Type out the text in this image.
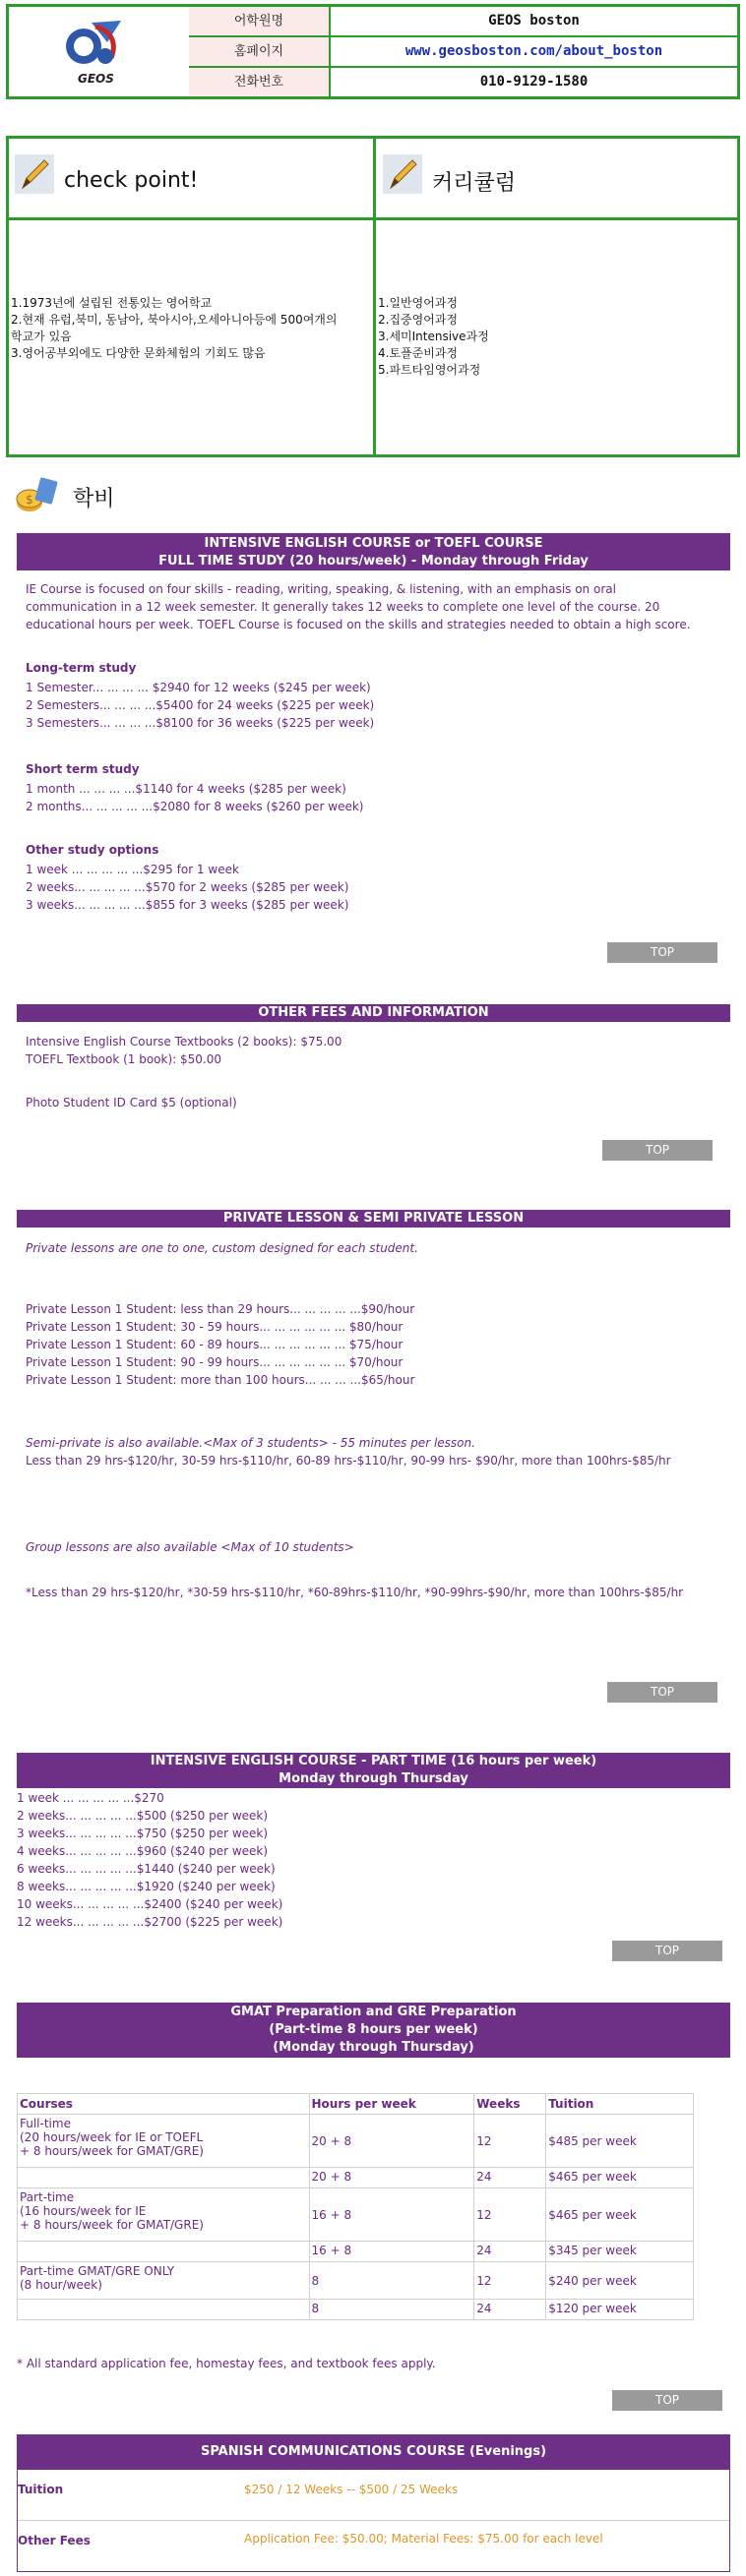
GEOS
어학원명	GEOS boston
홈페이지	www.geosboston.com/about_boston
전화번호	010-9129-1580
check point!	커리큘럼
1.1973년에 설립된 전통있는 영어학교
2.현재 유럽,북미, 동남아, 북아시아,오세아니아등에 500여개의
학교가 있음
3.영어공부외에도 다양한 문화체험의 기회도 많음
1.일반영어과정
2.집중영어과정
3.세미Intensive과정
4.토플준비과정
5.파트타임영어과정
$ 학비
INTENSIVE ENGLISH COURSE or TOEFL COURSE
FULL TIME STUDY (20 hours/week) - Monday through Friday
IE Course is focused on four skills - reading, writing, speaking, & listening, with an emphasis on oral
communication in a 12 week semester. It generally takes 12 weeks to complete one level of the course. 20
educational hours per week. TOEFL Course is focused on the skills and strategies needed to obtain a high score.
Long-term study
1 Semester... ... ... ... $2940 for 12 weeks ($245 per week)
2 Semesters... ... ... ...$5400 for 24 weeks ($225 per week)
3 Semesters... ... ... ...$8100 for 36 weeks ($225 per week)
Short term study
1 month ... ... ... ...$1140 for 4 weeks ($285 per week)
2 months... ... ... ... ...$2080 for 8 weeks ($260 per week)
Other study options
1 week ... ... ... ... ...$295 for 1 week
2 weeks... ... ... ... ...$570 for 2 weeks ($285 per week)
3 weeks... ... ... ... ...$855 for 3 weeks ($285 per week)
TOP
OTHER FEES AND INFORMATION
Intensive English Course Textbooks (2 books): $75.00
TOEFL Textbook (1 book): $50.00
Photo Student ID Card $5 (optional)
TOP
PRIVATE LESSON & SEMI PRIVATE LESSON
Private lessons are one to one, custom designed for each student.
Private Lesson 1 Student: less than 29 hours... ... ... ... ...$90/hour
Private Lesson 1 Student: 30 - 59 hours... ... ... ... ... ... $80/hour
Private Lesson 1 Student: 60 - 89 hours... ... ... ... ... ... $75/hour
Private Lesson 1 Student: 90 - 99 hours... ... ... ... ... ... $70/hour
Private Lesson 1 Student: more than 100 hours... ... ... ...$65/hour
Semi-private is also available.<Max of 3 students> - 55 minutes per lesson.
Less than 29 hrs-$120/hr, 30-59 hrs-$110/hr, 60-89 hrs-$110/hr, 90-99 hrs- $90/hr, more than 100hrs-$85/hr
Group lessons are also available <Max of 10 students>
*Less than 29 hrs-$120/hr, *30-59 hrs-$110/hr, *60-89hrs-$110/hr, *90-99hrs-$90/hr, more than 100hrs-$85/hr
TOP
INTENSIVE ENGLISH COURSE - PART TIME (16 hours per week)
Monday through Thursday
1 week ... ... ... ... ...$270
2 weeks... ... ... ... ...$500 ($250 per week)
3 weeks... ... ... ... ...$750 ($250 per week)
4 weeks... ... ... ... ...$960 ($240 per week)
6 weeks... ... ... ... ...$1440 ($240 per week)
8 weeks... ... ... ... ...$1920 ($240 per week)
10 weeks... ... ... ... ...$2400 ($240 per week)
12 weeks... ... ... ... ...$2700 ($225 per week)
TOP
GMAT Preparation and GRE Preparation
(Part-time 8 hours per week)
(Monday through Thursday)
Courses	Hours per week	Weeks	Tuition

Full-time
(20 hours/week for IE or TOEFL
+ 8 hours/week for GMAT/GRE)	20 + 8	12	$485 per week

	20 + 8	24	$465 per week

Part-time
(16 hours/week for IE
+ 8 hours/week for GMAT/GRE)	16 + 8	12	$465 per week

	16 + 8	24	$345 per week

Part-time GMAT/GRE ONLY
(8 hour/week)	8	12	$240 per week

	8	24	$120 per week
* All standard application fee, homestay fees, and textbook fees apply.
TOP
SPANISH COMMUNICATIONS COURSE (Evenings)
Tuition	$250 / 12 Weeks -- $500 / 25 Weeks
Other Fees	Application Fee: $50.00; Material Fees: $75.00 for each level
